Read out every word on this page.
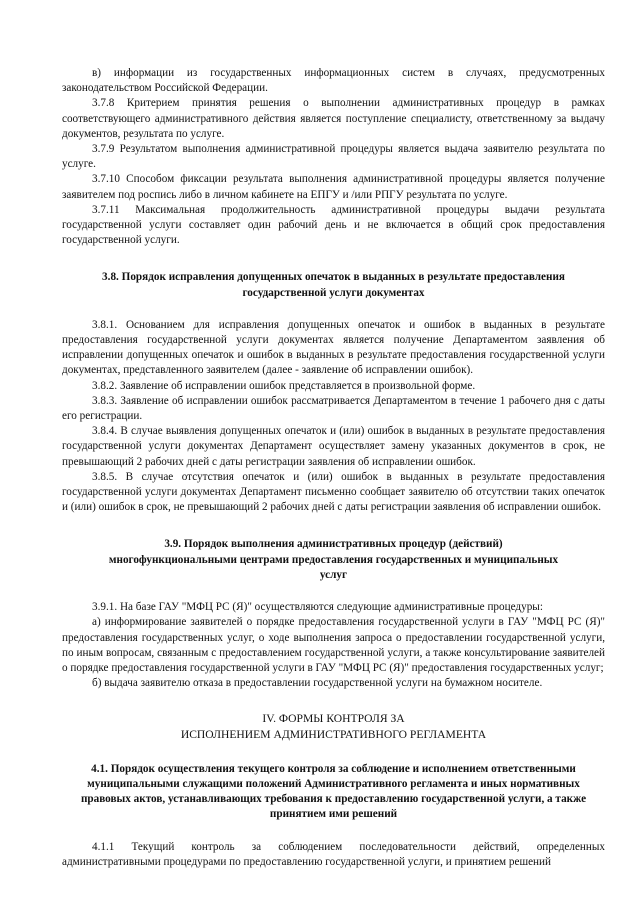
в) информации из государственных информационных систем в случаях, предусмотренных законодательством Российской Федерации.

3.7.8 Критерием принятия решения о выполнении административных процедур в рамках соответствующего административного действия является поступление специалисту, ответственному за выдачу документов, результата по услуге.

3.7.9 Результатом выполнения административной процедуры является выдача заявителю результата по услуге.

3.7.10 Способом фиксации результата выполнения административной процедуры является получение заявителем под роспись либо в личном кабинете на ЕПГУ и /или РПГУ результата по услуге.

3.7.11 Максимальная продолжительность административной процедуры выдачи результата государственной услуги составляет один рабочий день и не включается в общий срок предоставления государственной услуги.

3.8. Порядок исправления допущенных опечаток в выданных в результате предоставления государственной услуги документах

3.8.1. Основанием для исправления допущенных опечаток и ошибок в выданных в результате предоставления государственной услуги документах является получение Департаментом заявления об исправлении допущенных опечаток и ошибок в выданных в результате предоставления государственной услуги документах, представленного заявителем (далее - заявление об исправлении ошибок).

3.8.2. Заявление об исправлении ошибок представляется в произвольной форме.

3.8.3. Заявление об исправлении ошибок рассматривается Департаментом в течение 1 рабочего дня с даты его регистрации.

3.8.4. В случае выявления допущенных опечаток и (или) ошибок в выданных в результате предоставления государственной услуги документах Департамент осуществляет замену указанных документов в срок, не превышающий 2 рабочих дней с даты регистрации заявления об исправлении ошибок.

3.8.5. В случае отсутствия опечаток и (или) ошибок в выданных в результате предоставления государственной услуги документах Департамент письменно сообщает заявителю об отсутствии таких опечаток и (или) ошибок в срок, не превышающий 2 рабочих дней с даты регистрации заявления об исправлении ошибок.

3.9. Порядок выполнения административных процедур (действий) многофункциональными центрами предоставления государственных и муниципальных услуг

3.9.1. На базе ГАУ "МФЦ РС (Я)" осуществляются следующие административные процедуры:

а) информирование заявителей о порядке предоставления государственной услуги в ГАУ "МФЦ РС (Я)" предоставления государственных услуг, о ходе выполнения запроса о предоставлении государственной услуги, по иным вопросам, связанным с предоставлением государственной услуги, а также консультирование заявителей о порядке предоставления государственной услуги в ГАУ "МФЦ РС (Я)" предоставления государственных услуг;

б) выдача заявителю отказа в предоставлении государственной услуги на бумажном носителе.

IV. ФОРМЫ КОНТРОЛЯ ЗА

ИСПОЛНЕНИЕМ АДМИНИСТРАТИВНОГО РЕГЛАМЕНТА

4.1. Порядок осуществления текущего контроля за соблюдение и исполнением ответственными муниципальными служащими положений Административного регламента и иных нормативных правовых актов, устанавливающих требования к предоставлению государственной услуги, а также принятием ими решений

4.1.1 Текущий контроль за соблюдением последовательности действий, определенных административными процедурами по предоставлению государственной услуги, и принятием решений
